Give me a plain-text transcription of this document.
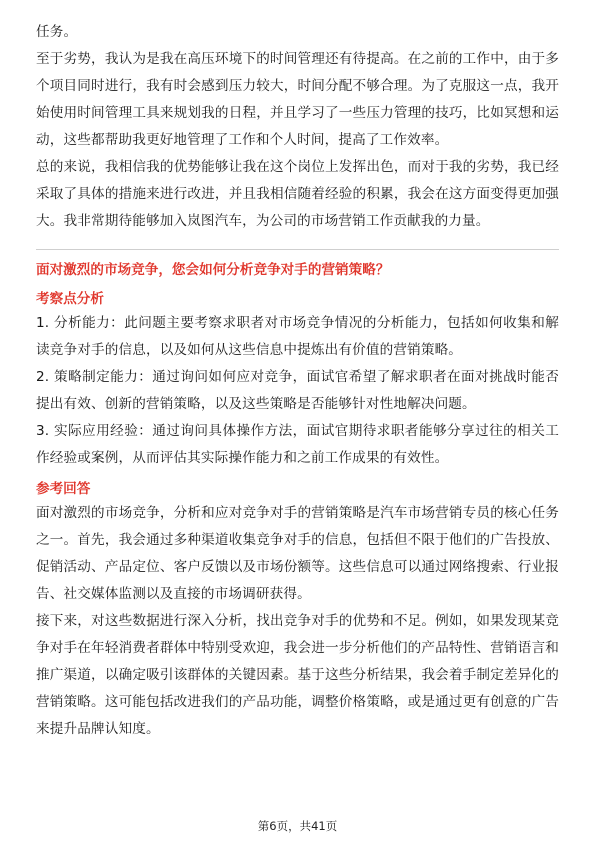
任务。

至于劣势，我认为是我在高压环境下的时间管理还有待提高。在之前的工作中，由于多个项目同时进行，我有时会感到压力较大，时间分配不够合理。为了克服这一点，我开始使用时间管理工具来规划我的日程，并且学习了一些压力管理的技巧，比如冥想和运动，这些都帮助我更好地管理了工作和个人时间，提高了工作效率。

总的来说，我相信我的优势能够让我在这个岗位上发挥出色，而对于我的劣势，我已经采取了具体的措施来进行改进，并且我相信随着经验的积累，我会在这方面变得更加强大。我非常期待能够加入岚图汽车，为公司的市场营销工作贡献我的力量。

面对激烈的市场竞争，您会如何分析竞争对手的营销策略？

考察点分析

1. 分析能力：此问题主要考察求职者对市场竞争情况的分析能力，包括如何收集和解读竞争对手的信息，以及如何从这些信息中提炼出有价值的营销策略。

2. 策略制定能力：通过询问如何应对竞争，面试官希望了解求职者在面对挑战时能否提出有效、创新的营销策略，以及这些策略是否能够针对性地解决问题。

3. 实际应用经验：通过询问具体操作方法，面试官期待求职者能够分享过往的相关工作经验或案例，从而评估其实际操作能力和之前工作成果的有效性。

参考回答

面对激烈的市场竞争，分析和应对竞争对手的营销策略是汽车市场营销专员的核心任务之一。首先，我会通过多种渠道收集竞争对手的信息，包括但不限于他们的广告投放、促销活动、产品定位、客户反馈以及市场份额等。这些信息可以通过网络搜索、行业报告、社交媒体监测以及直接的市场调研获得。

接下来，对这些数据进行深入分析，找出竞争对手的优势和不足。例如，如果发现某竞争对手在年轻消费者群体中特别受欢迎，我会进一步分析他们的产品特性、营销语言和推广渠道，以确定吸引该群体的关键因素。基于这些分析结果，我会着手制定差异化的营销策略。这可能包括改进我们的产品功能，调整价格策略，或是通过更有创意的广告来提升品牌认知度。

第6页，共41页
